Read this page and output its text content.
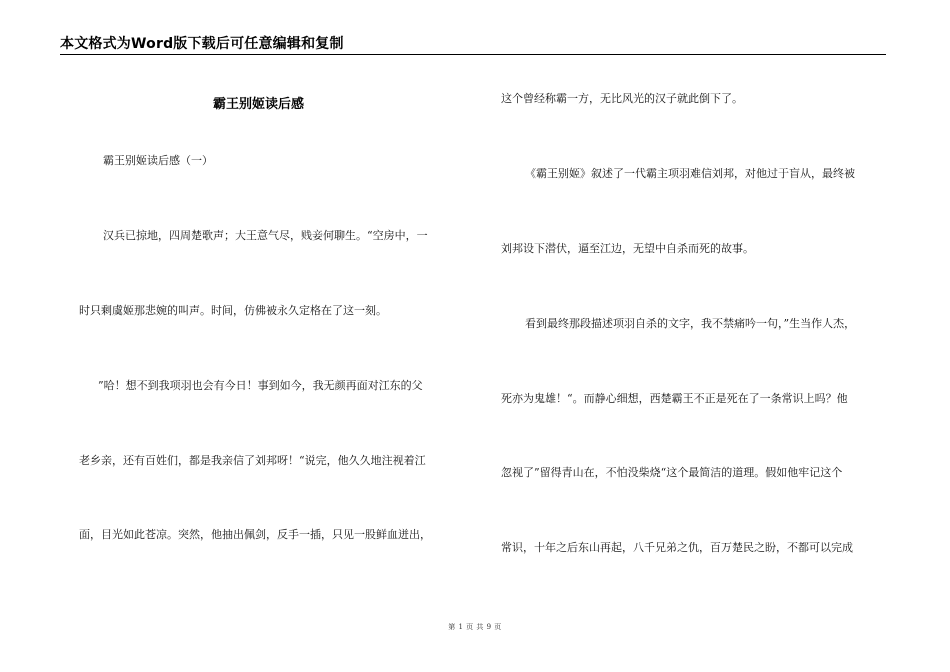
本文格式为Word版下载后可任意编辑和复制
霸王别姬读后感
霸王别姬读后感（一）
汉兵已掠地，四周楚歌声；大王意气尽，贱妾何聊生。“空房中，一
时只剩虞姬那悲婉的叫声。时间，仿佛被永久定格在了这一刻。
”哈！想不到我项羽也会有今日！事到如今，我无颜再面对江东的父
老乡亲，还有百姓们，都是我亲信了刘邦呀！“说完，他久久地注视着江
面，目光如此苍凉。突然，他抽出佩剑，反手一插，只见一股鲜血迸出，
这个曾经称霸一方，无比风光的汉子就此倒下了。
《霸王别姬》叙述了一代霸主项羽难信刘邦，对他过于盲从，最终被
刘邦设下潜伏，逼至江边，无望中自杀而死的故事。
看到最终那段描述项羽自杀的文字，我不禁痛吟一句，”生当作人杰，
死亦为鬼雄！“。而静心细想，西楚霸王不正是死在了一条常识上吗？他
忽视了”留得青山在，不怕没柴烧“这个最简洁的道理。假如他牢记这个
常识，十年之后东山再起，八千兄弟之仇，百万楚民之盼，不都可以完成
第 1 页 共 9 页
